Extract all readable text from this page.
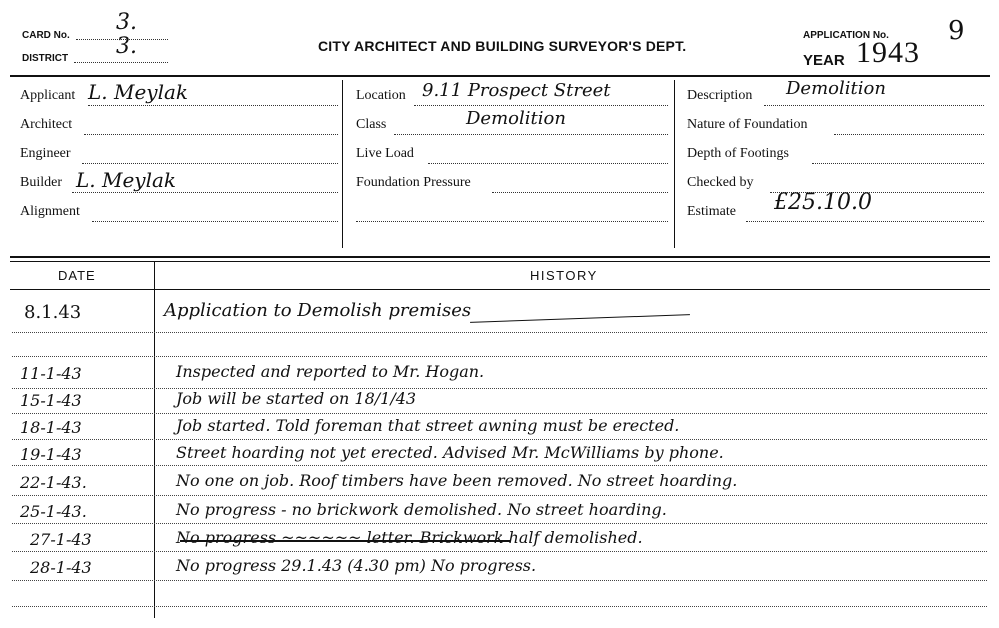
CARD No.
3.
DISTRICT 3.	CITY ARCHITECT AND BUILDING SURVEYOR'S DEPT.
APPLICATION No. 9
YEAR 1943
Applicant L. Meylak
Architect
Engineer
Builder L. Meylak
Alignment
Location 9.11 Prospect Street
Class	Demolition
Live Load
Foundation Pressure
Description Demolition
Nature of Foundation
Depth of Footings
Checked by
Estimate £25.10.0
DATE	HISTORY
8.1.43	Application to Demolish premises
11-1-43	Inspected and reported to Mr. Hogan.
15-1-43	Job will be started on 18/1/43
18-1-43	Job started. Told foreman that street awning must be erected.
19-1-43	Street hoarding not yet erected. Advised Mr. McWilliams by phone.
22-1-43.	No one on job. Roof timbers have been removed. No street hoarding.
25-1-43.	No progress - no brickwork demolished. No street hoarding.
27-1-43	No progress ~~~~~~ letter. Brickwork half demolished.
28-1-43	No progress 29.1.43 (4.30 pm) No progress.
